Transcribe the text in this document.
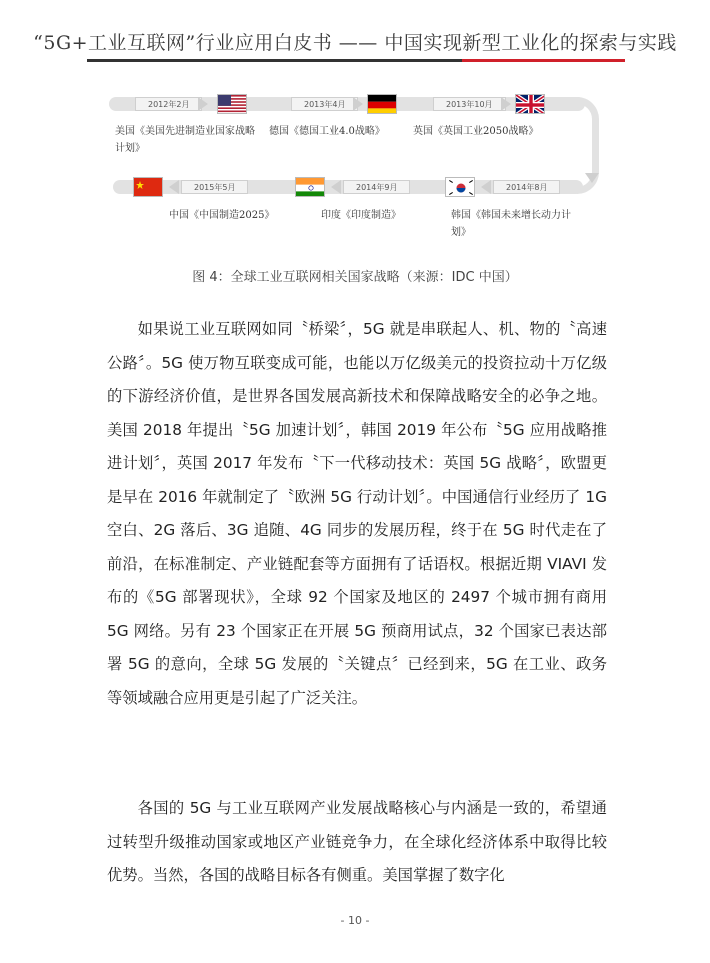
“5G+工业互联网”行业应用白皮书 —— 中国实现新型工业化的探索与实践
2012年2月	2013年4月	2013年10月
美国《美国先进制造业国家战略计划》
德国《德国工业4.0战略》	英国《英国工业2050战略》
2015年5月	2014年9月	2014年8月
中国《中国制造2025》	印度《印度制造》	韩国《韩国未来增长动力计划》
图 4：全球工业互联网相关国家战略（来源：IDC 中国）

如果说工业互联网如同〝桥梁〞，5G 就是串联起人、机、物的〝高速公路〞。5G 使万物互联变成可能，也能以万亿级美元的投资拉动十万亿级的下游经济价值，是世界各国发展高新技术和保障战略安全的必争之地。美国 2018 年提出〝5G 加速计划〞，韩国 2019 年公布〝5G 应用战略推进计划〞，英国 2017 年发布〝下一代移动技术：英国 5G 战略〞，欧盟更是早在 2016 年就制定了〝欧洲 5G 行动计划〞。中国通信行业经历了 1G 空白、2G 落后、3G 追随、4G 同步的发展历程，终于在 5G 时代走在了前沿，在标准制定、产业链配套等方面拥有了话语权。根据近期 VIAVI 发布的《5G 部署现状》，全球 92 个国家及地区的 2497 个城市拥有商用 5G 网络。另有 23 个国家正在开展 5G 预商用试点，32 个国家已表达部署 5G 的意向，全球 5G 发展的〝关键点〞已经到来，5G 在工业、政务等领域融合应用更是引起了广泛关注。

各国的 5G 与工业互联网产业发展战略核心与内涵是一致的，希望通过转型升级推动国家或地区产业链竞争力，在全球化经济体系中取得比较优势。当然，各国的战略目标各有侧重。美国掌握了数字化

- 10 -
